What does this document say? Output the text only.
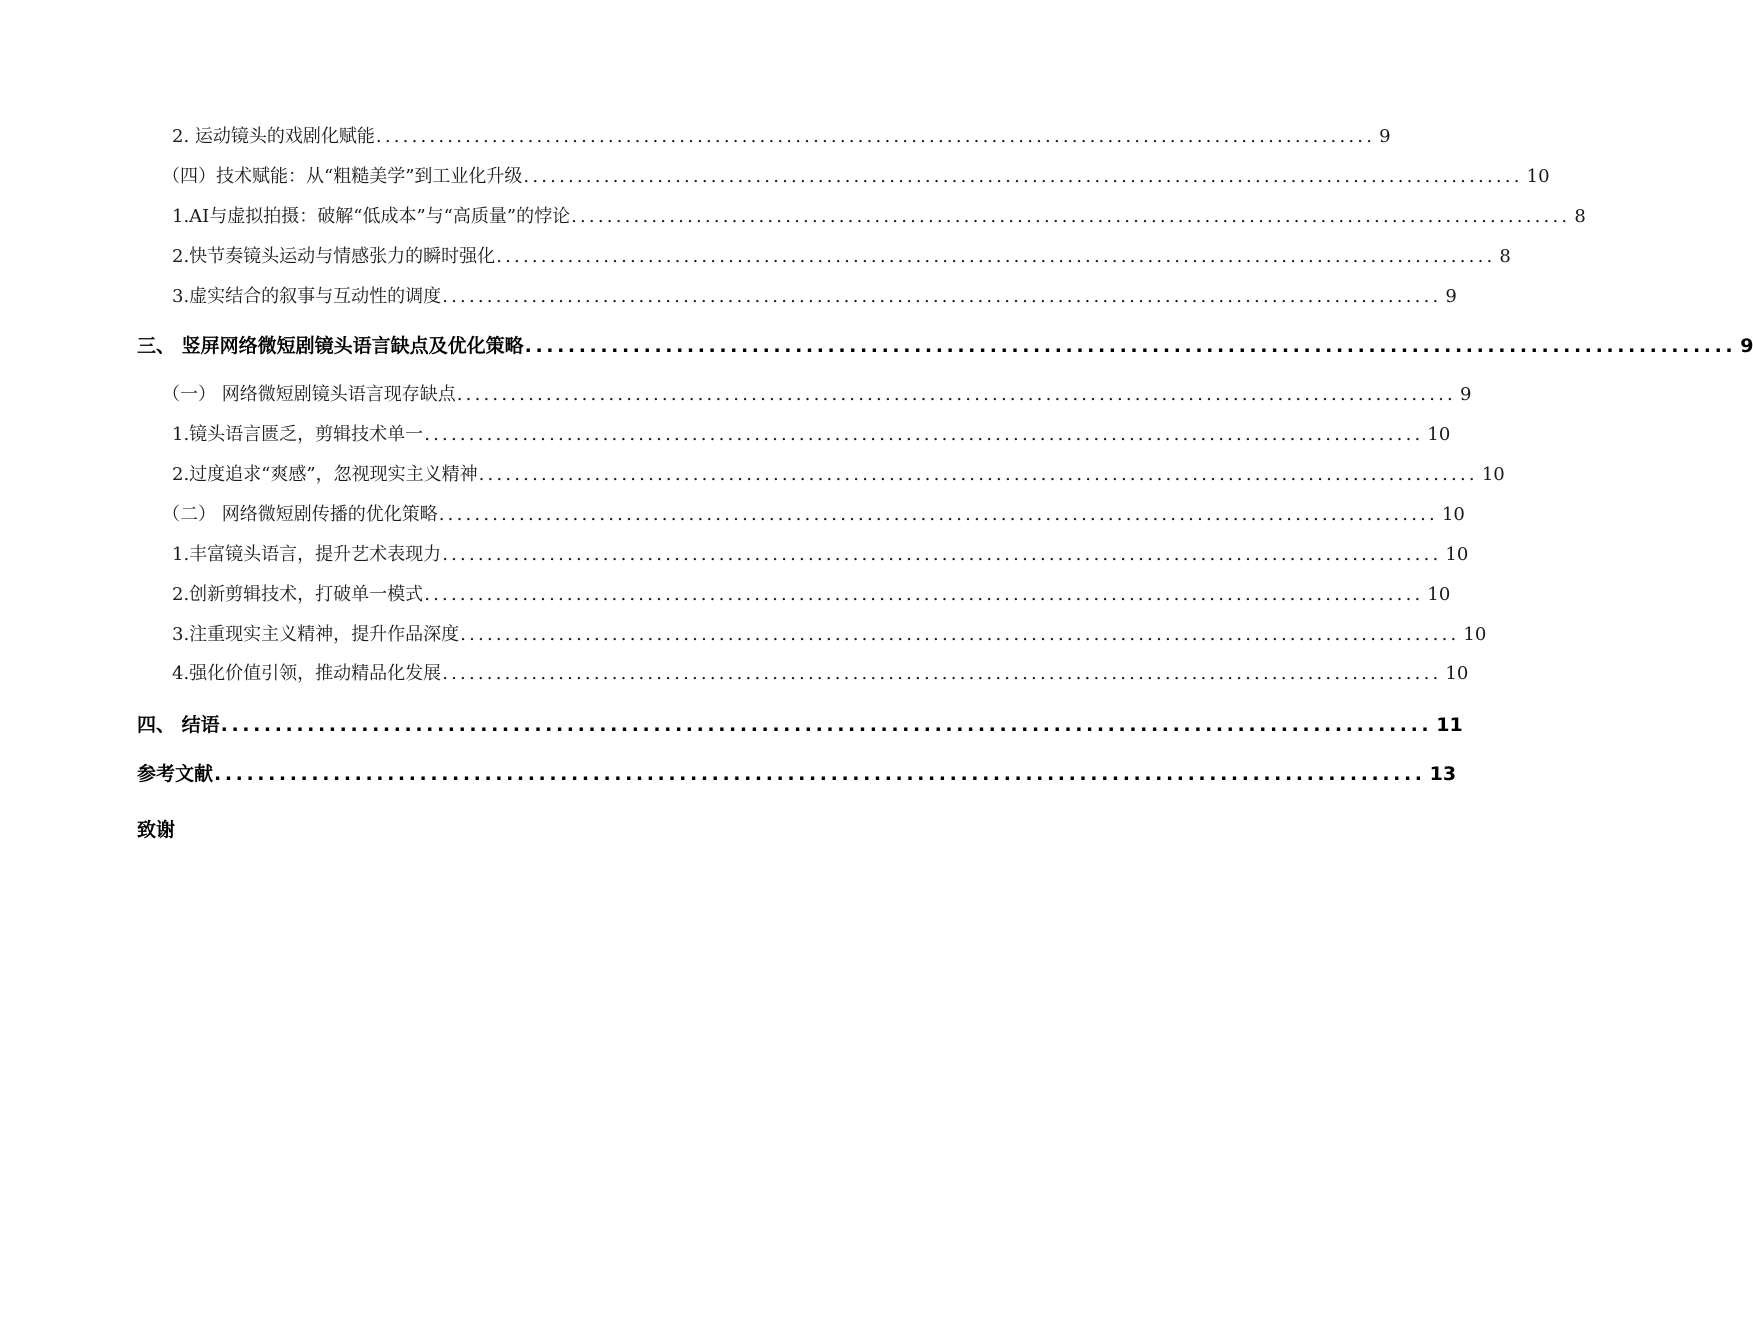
2. 运动镜头的戏剧化赋能 ................................................................................................................ 9
（四）技术赋能：从“粗糙美学”到工业化升级 ................................................................................................................ 10
1.AI与虚拟拍摄：破解“低成本”与“高质量”的悖论 ................................................................................................................ 8
2.快节奏镜头运动与情感张力的瞬时强化 ................................................................................................................ 8
3.虚实结合的叙事与互动性的调度 ................................................................................................................ 9
三、 竖屏网络微短剧镜头语言缺点及优化策略 ................................................................................................................ 9
（一） 网络微短剧镜头语言现存缺点 ................................................................................................................ 9
1.镜头语言匮乏，剪辑技术单一 ................................................................................................................ 10
2.过度追求“爽感”，忽视现实主义精神 ................................................................................................................ 10
（二） 网络微短剧传播的优化策略 ................................................................................................................ 10
1.丰富镜头语言，提升艺术表现力 ................................................................................................................ 10
2.创新剪辑技术，打破单一模式 ................................................................................................................ 10
3.注重现实主义精神，提升作品深度 ................................................................................................................ 10
4.强化价值引领，推动精品化发展 ................................................................................................................ 10
四、 结语 ................................................................................................................ 11
参考文献 ................................................................................................................ 13
致谢
